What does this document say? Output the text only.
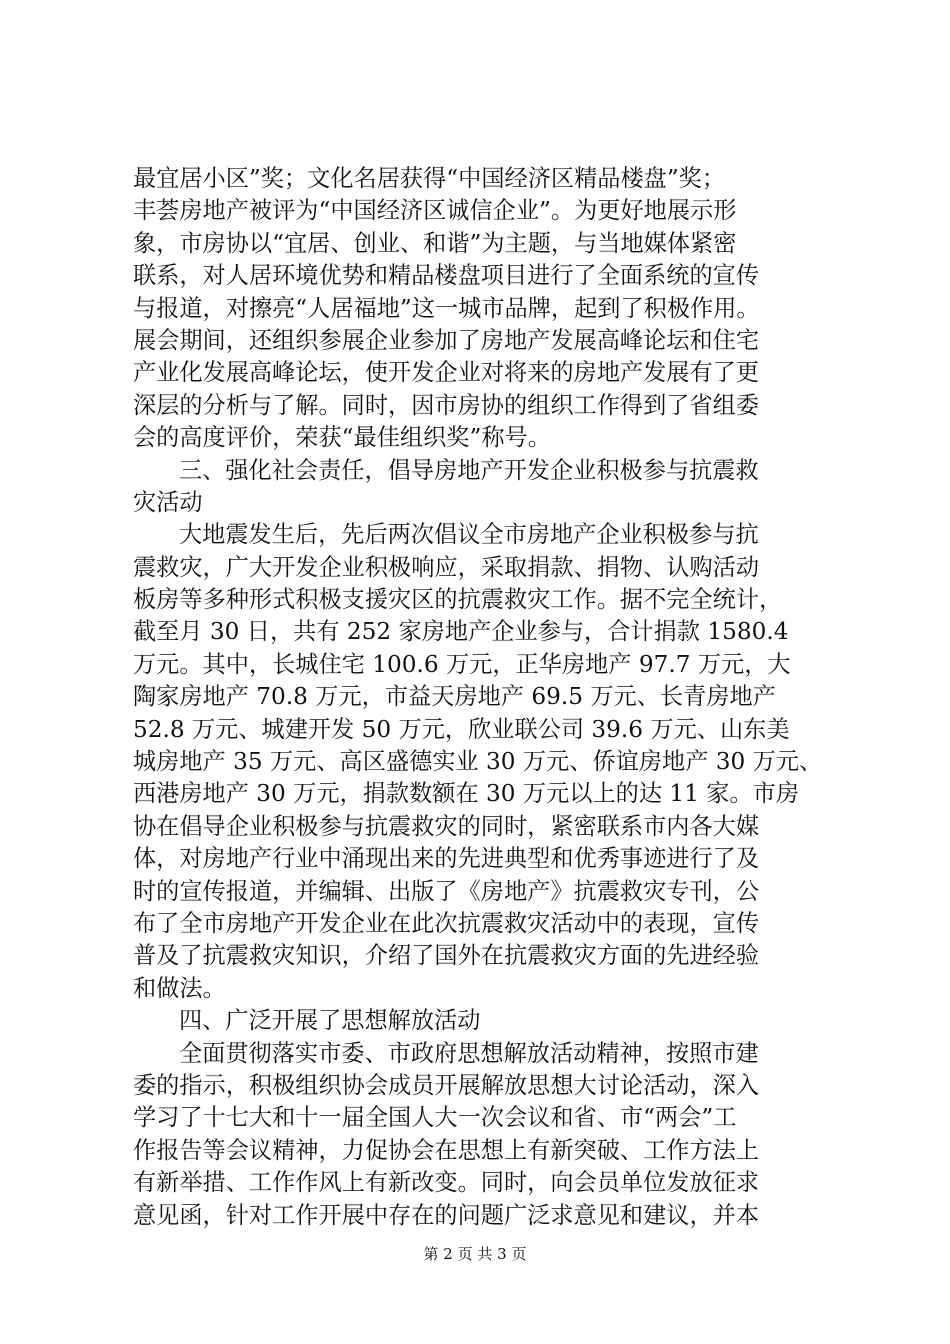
最宜居小区”奖；文化名居获得“中国经济区精品楼盘”奖；
丰荟房地产被评为“中国经济区诚信企业”。为更好地展示形
象，市房协以“宜居、创业、和谐”为主题，与当地媒体紧密
联系，对人居环境优势和精品楼盘项目进行了全面系统的宣传
与报道，对擦亮“人居福地”这一城市品牌，起到了积极作用。
展会期间，还组织参展企业参加了房地产发展高峰论坛和住宅
产业化发展高峰论坛，使开发企业对将来的房地产发展有了更
深层的分析与了解。同时，因市房协的组织工作得到了省组委
会的高度评价，荣获“最佳组织奖”称号。
三、强化社会责任，倡导房地产开发企业积极参与抗震救
灾活动
大地震发生后，先后两次倡议全市房地产企业积极参与抗
震救灾，广大开发企业积极响应，采取捐款、捐物、认购活动
板房等多种形式积极支援灾区的抗震救灾工作。据不完全统计，
截至月 30 日，共有 252 家房地产企业参与，合计捐款 1580.4
万元。其中，长城住宅 100.6 万元，正华房地产 97.7 万元，大
陶家房地产 70.8 万元，市益天房地产 69.5 万元、长青房地产
52.8 万元、城建开发 50 万元，欣业联公司 39.6 万元、山东美
城房地产 35 万元、高区盛德实业 30 万元、侨谊房地产 30 万元、
西港房地产 30 万元，捐款数额在 30 万元以上的达 11 家。市房
协在倡导企业积极参与抗震救灾的同时，紧密联系市内各大媒
体，对房地产行业中涌现出来的先进典型和优秀事迹进行了及
时的宣传报道，并编辑、出版了《房地产》抗震救灾专刊，公
布了全市房地产开发企业在此次抗震救灾活动中的表现，宣传
普及了抗震救灾知识，介绍了国外在抗震救灾方面的先进经验
和做法。
四、广泛开展了思想解放活动
全面贯彻落实市委、市政府思想解放活动精神，按照市建
委的指示，积极组织协会成员开展解放思想大讨论活动，深入
学习了十七大和十一届全国人大一次会议和省、市“两会”工
作报告等会议精神，力促协会在思想上有新突破、工作方法上
有新举措、工作作风上有新改变。同时，向会员单位发放征求
意见函，针对工作开展中存在的问题广泛求意见和建议，并本
第 2 页 共 3 页
